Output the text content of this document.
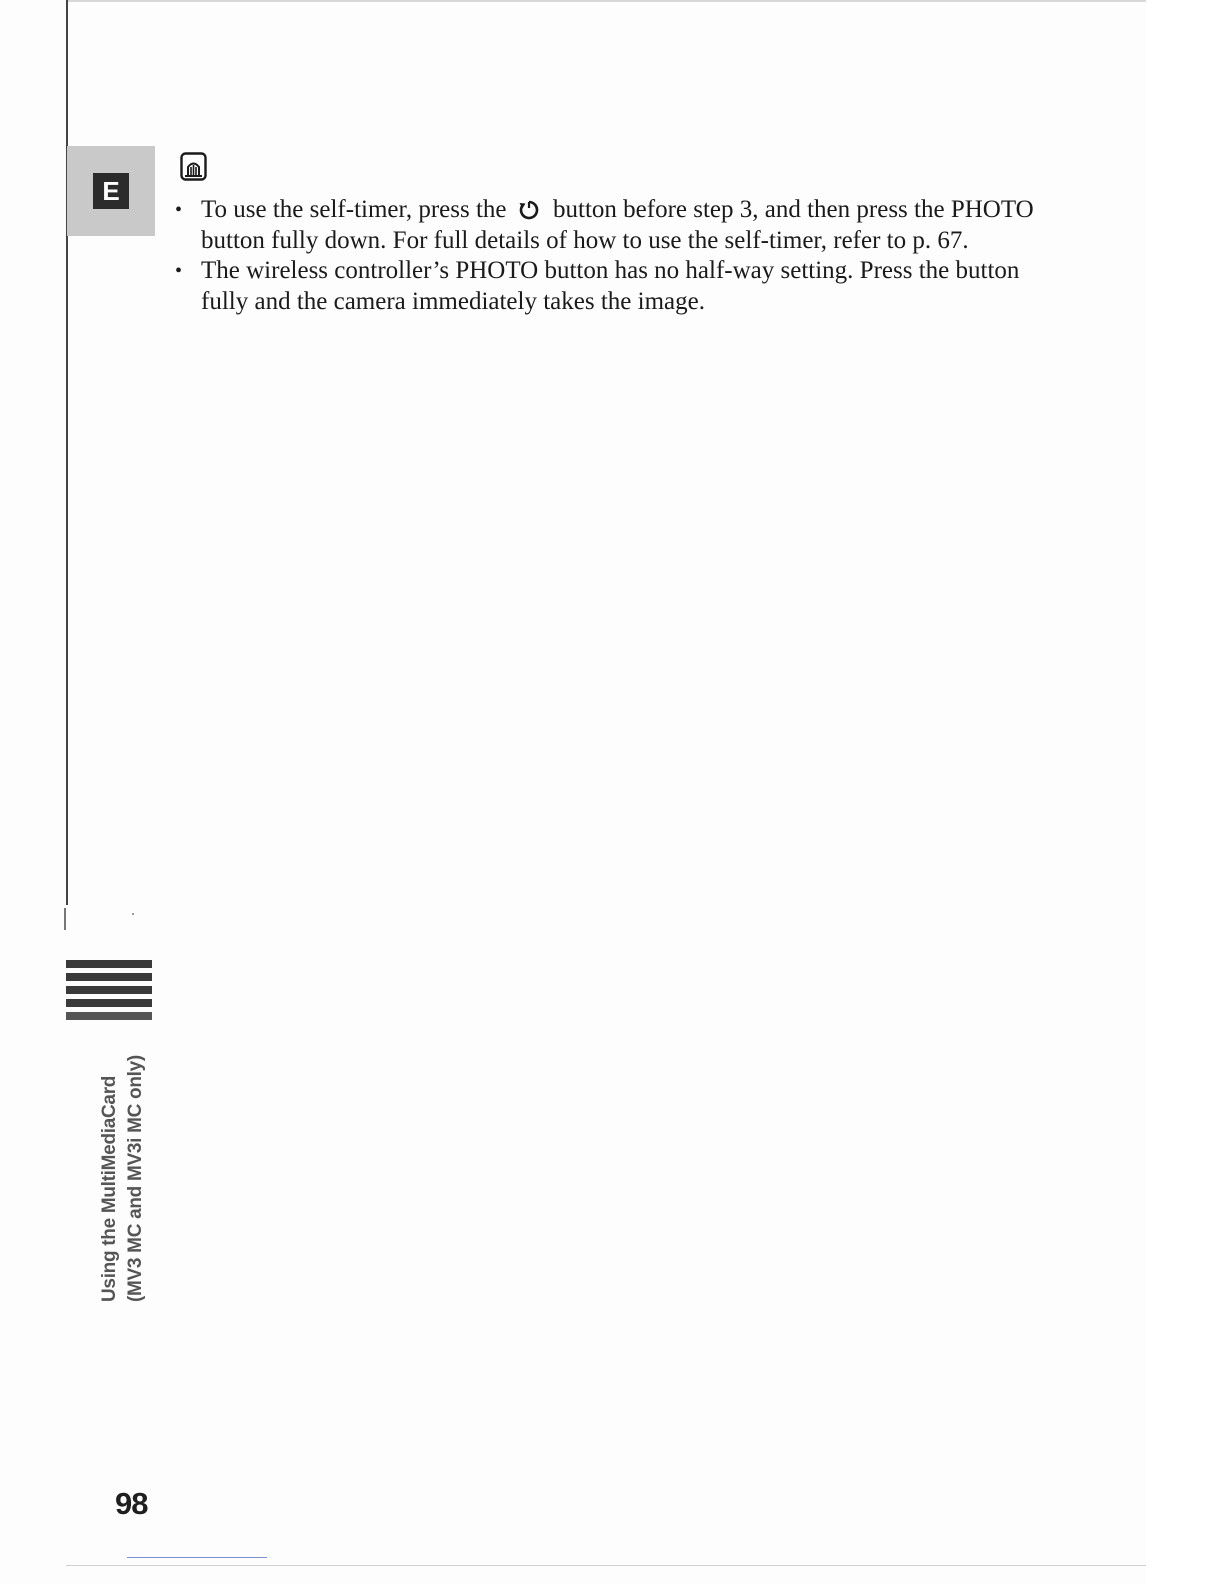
E
• To use the self-timer, press the button before step 3, and then press the PHOTO button fully down. For full details of how to use the self-timer, refer to p. 67.
• The wireless controller’s PHOTO button has no half-way setting. Press the button fully and the camera immediately takes the image.
Using the MultiMediaCard (MV3 MC and MV3i MC only)
98
